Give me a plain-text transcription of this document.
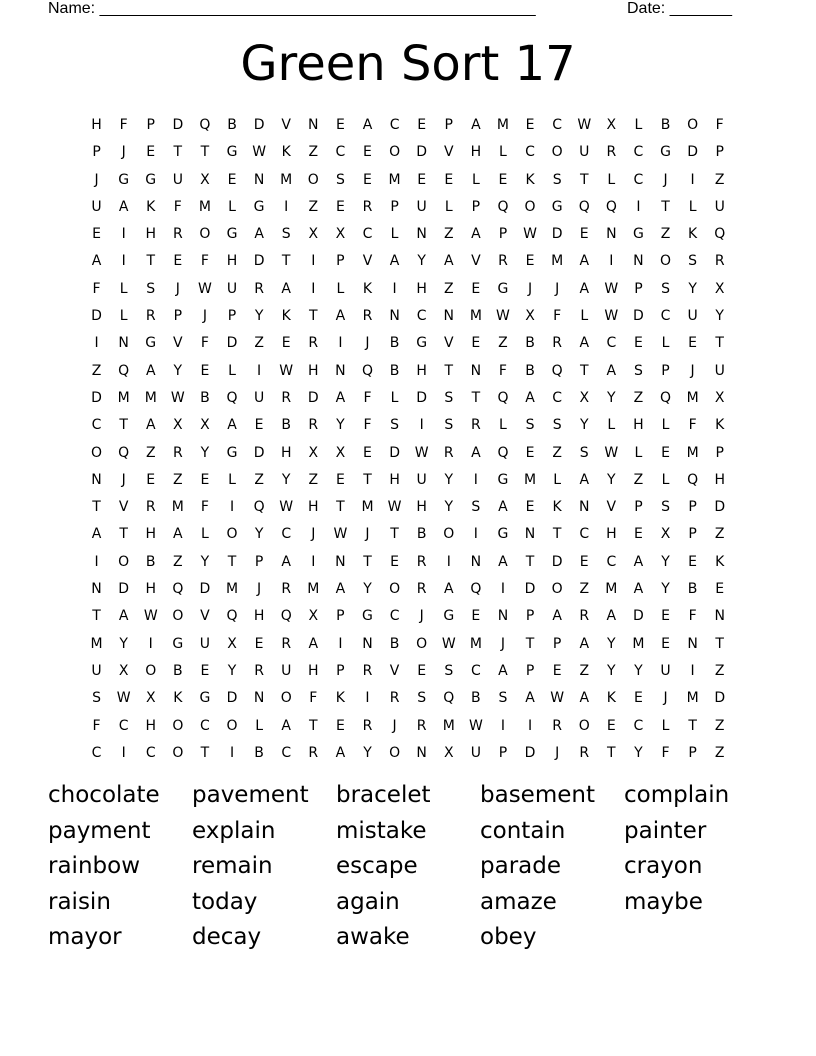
Name: _________________________________________________	Date: _______
Green Sort 17
H	F	P	D	Q	B	D	V	N	E	A	C	E	P	A	M	E	C	W	X	L	B	O	F
P	J	E	T	T	G	W	K	Z	C	E	O	D	V	H	L	C	O	U	R	C	G	D	P
J	G	G	U	X	E	N	M	O	S	E	M	E	E	L	E	K	S	T	L	C	J	I	Z
U	A	K	F	M	L	G	I	Z	E	R	P	U	L	P	Q	O	G	Q	Q	I	T	L	U
E	I	H	R	O	G	A	S	X	X	C	L	N	Z	A	P	W	D	E	N	G	Z	K	Q
A	I	T	E	F	H	D	T	I	P	V	A	Y	A	V	R	E	M	A	I	N	O	S	R
F	L	S	J	W	U	R	A	I	L	K	I	H	Z	E	G	J	J	A	W	P	S	Y	X
D	L	R	P	J	P	Y	K	T	A	R	N	C	N	M	W	X	F	L	W	D	C	U	Y
I	N	G	V	F	D	Z	E	R	I	J	B	G	V	E	Z	B	R	A	C	E	L	E	T
Z	Q	A	Y	E	L	I	W	H	N	Q	B	H	T	N	F	B	Q	T	A	S	P	J	U
D	M	M	W	B	Q	U	R	D	A	F	L	D	S	T	Q	A	C	X	Y	Z	Q	M	X
C	T	A	X	X	A	E	B	R	Y	F	S	I	S	R	L	S	S	Y	L	H	L	F	K
O	Q	Z	R	Y	G	D	H	X	X	E	D	W	R	A	Q	E	Z	S	W	L	E	M	P
N	J	E	Z	E	L	Z	Y	Z	E	T	H	U	Y	I	G	M	L	A	Y	Z	L	Q	H
T	V	R	M	F	I	Q	W	H	T	M	W	H	Y	S	A	E	K	N	V	P	S	P	D
A	T	H	A	L	O	Y	C	J	W	J	T	B	O	I	G	N	T	C	H	E	X	P	Z
I	O	B	Z	Y	T	P	A	I	N	T	E	R	I	N	A	T	D	E	C	A	Y	E	K
N	D	H	Q	D	M	J	R	M	A	Y	O	R	A	Q	I	D	O	Z	M	A	Y	B	E
T	A	W	O	V	Q	H	Q	X	P	G	C	J	G	E	N	P	A	R	A	D	E	F	N
M	Y	I	G	U	X	E	R	A	I	N	B	O	W	M	J	T	P	A	Y	M	E	N	T
U	X	O	B	E	Y	R	U	H	P	R	V	E	S	C	A	P	E	Z	Y	Y	U	I	Z
S	W	X	K	G	D	N	O	F	K	I	R	S	Q	B	S	A	W	A	K	E	J	M	D
F	C	H	O	C	O	L	A	T	E	R	J	R	M	W	I	I	R	O	E	C	L	T	Z
C	I	C	O	T	I	B	C	R	A	Y	O	N	X	U	P	D	J	R	T	Y	F	P	Z
chocolate	pavement	bracelet	basement	complain
payment	explain	mistake	contain	painter
rainbow	remain	escape	parade	crayon
raisin	today	again	amaze	maybe
mayor	decay	awake	obey
